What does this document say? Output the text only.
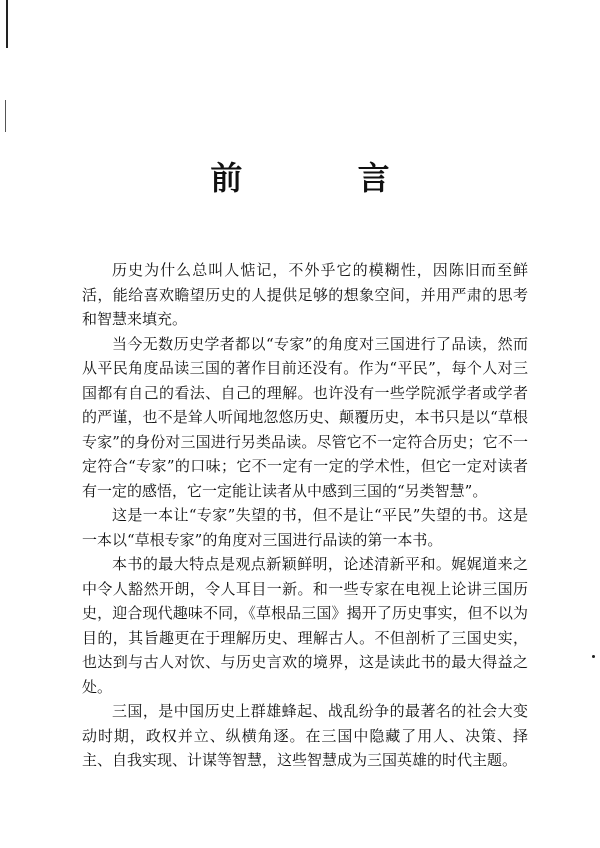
前 言

历史为什么总叫人惦记，不外乎它的模糊性，因陈旧而至鲜活，能给喜欢瞻望历史的人提供足够的想象空间，并用严肃的思考和智慧来填充。

当今无数历史学者都以“专家”的角度对三国进行了品读，然而从平民角度品读三国的著作目前还没有。作为“平民”，每个人对三国都有自己的看法、自己的理解。也许没有一些学院派学者或学者的严谨，也不是耸人听闻地忽悠历史、颠覆历史，本书只是以“草根专家”的身份对三国进行另类品读。尽管它不一定符合历史；它不一定符合“专家”的口味；它不一定有一定的学术性，但它一定对读者有一定的感悟，它一定能让读者从中感到三国的“另类智慧”。

这是一本让“专家”失望的书，但不是让“平民”失望的书。这是一本以“草根专家”的角度对三国进行品读的第一本书。

本书的最大特点是观点新颖鲜明，论述清新平和。娓娓道来之中令人豁然开朗，令人耳目一新。和一些专家在电视上论讲三国历史，迎合现代趣味不同，《草根品三国》揭开了历史事实，但不以为目的，其旨趣更在于理解历史、理解古人。不但剖析了三国史实，也达到与古人对饮、与历史言欢的境界，这是读此书的最大得益之处。

三国，是中国历史上群雄蜂起、战乱纷争的最著名的社会大变动时期，政权并立、纵横角逐。在三国中隐藏了用人、决策、择主、自我实现、计谋等智慧，这些智慧成为三国英雄的时代主题。
